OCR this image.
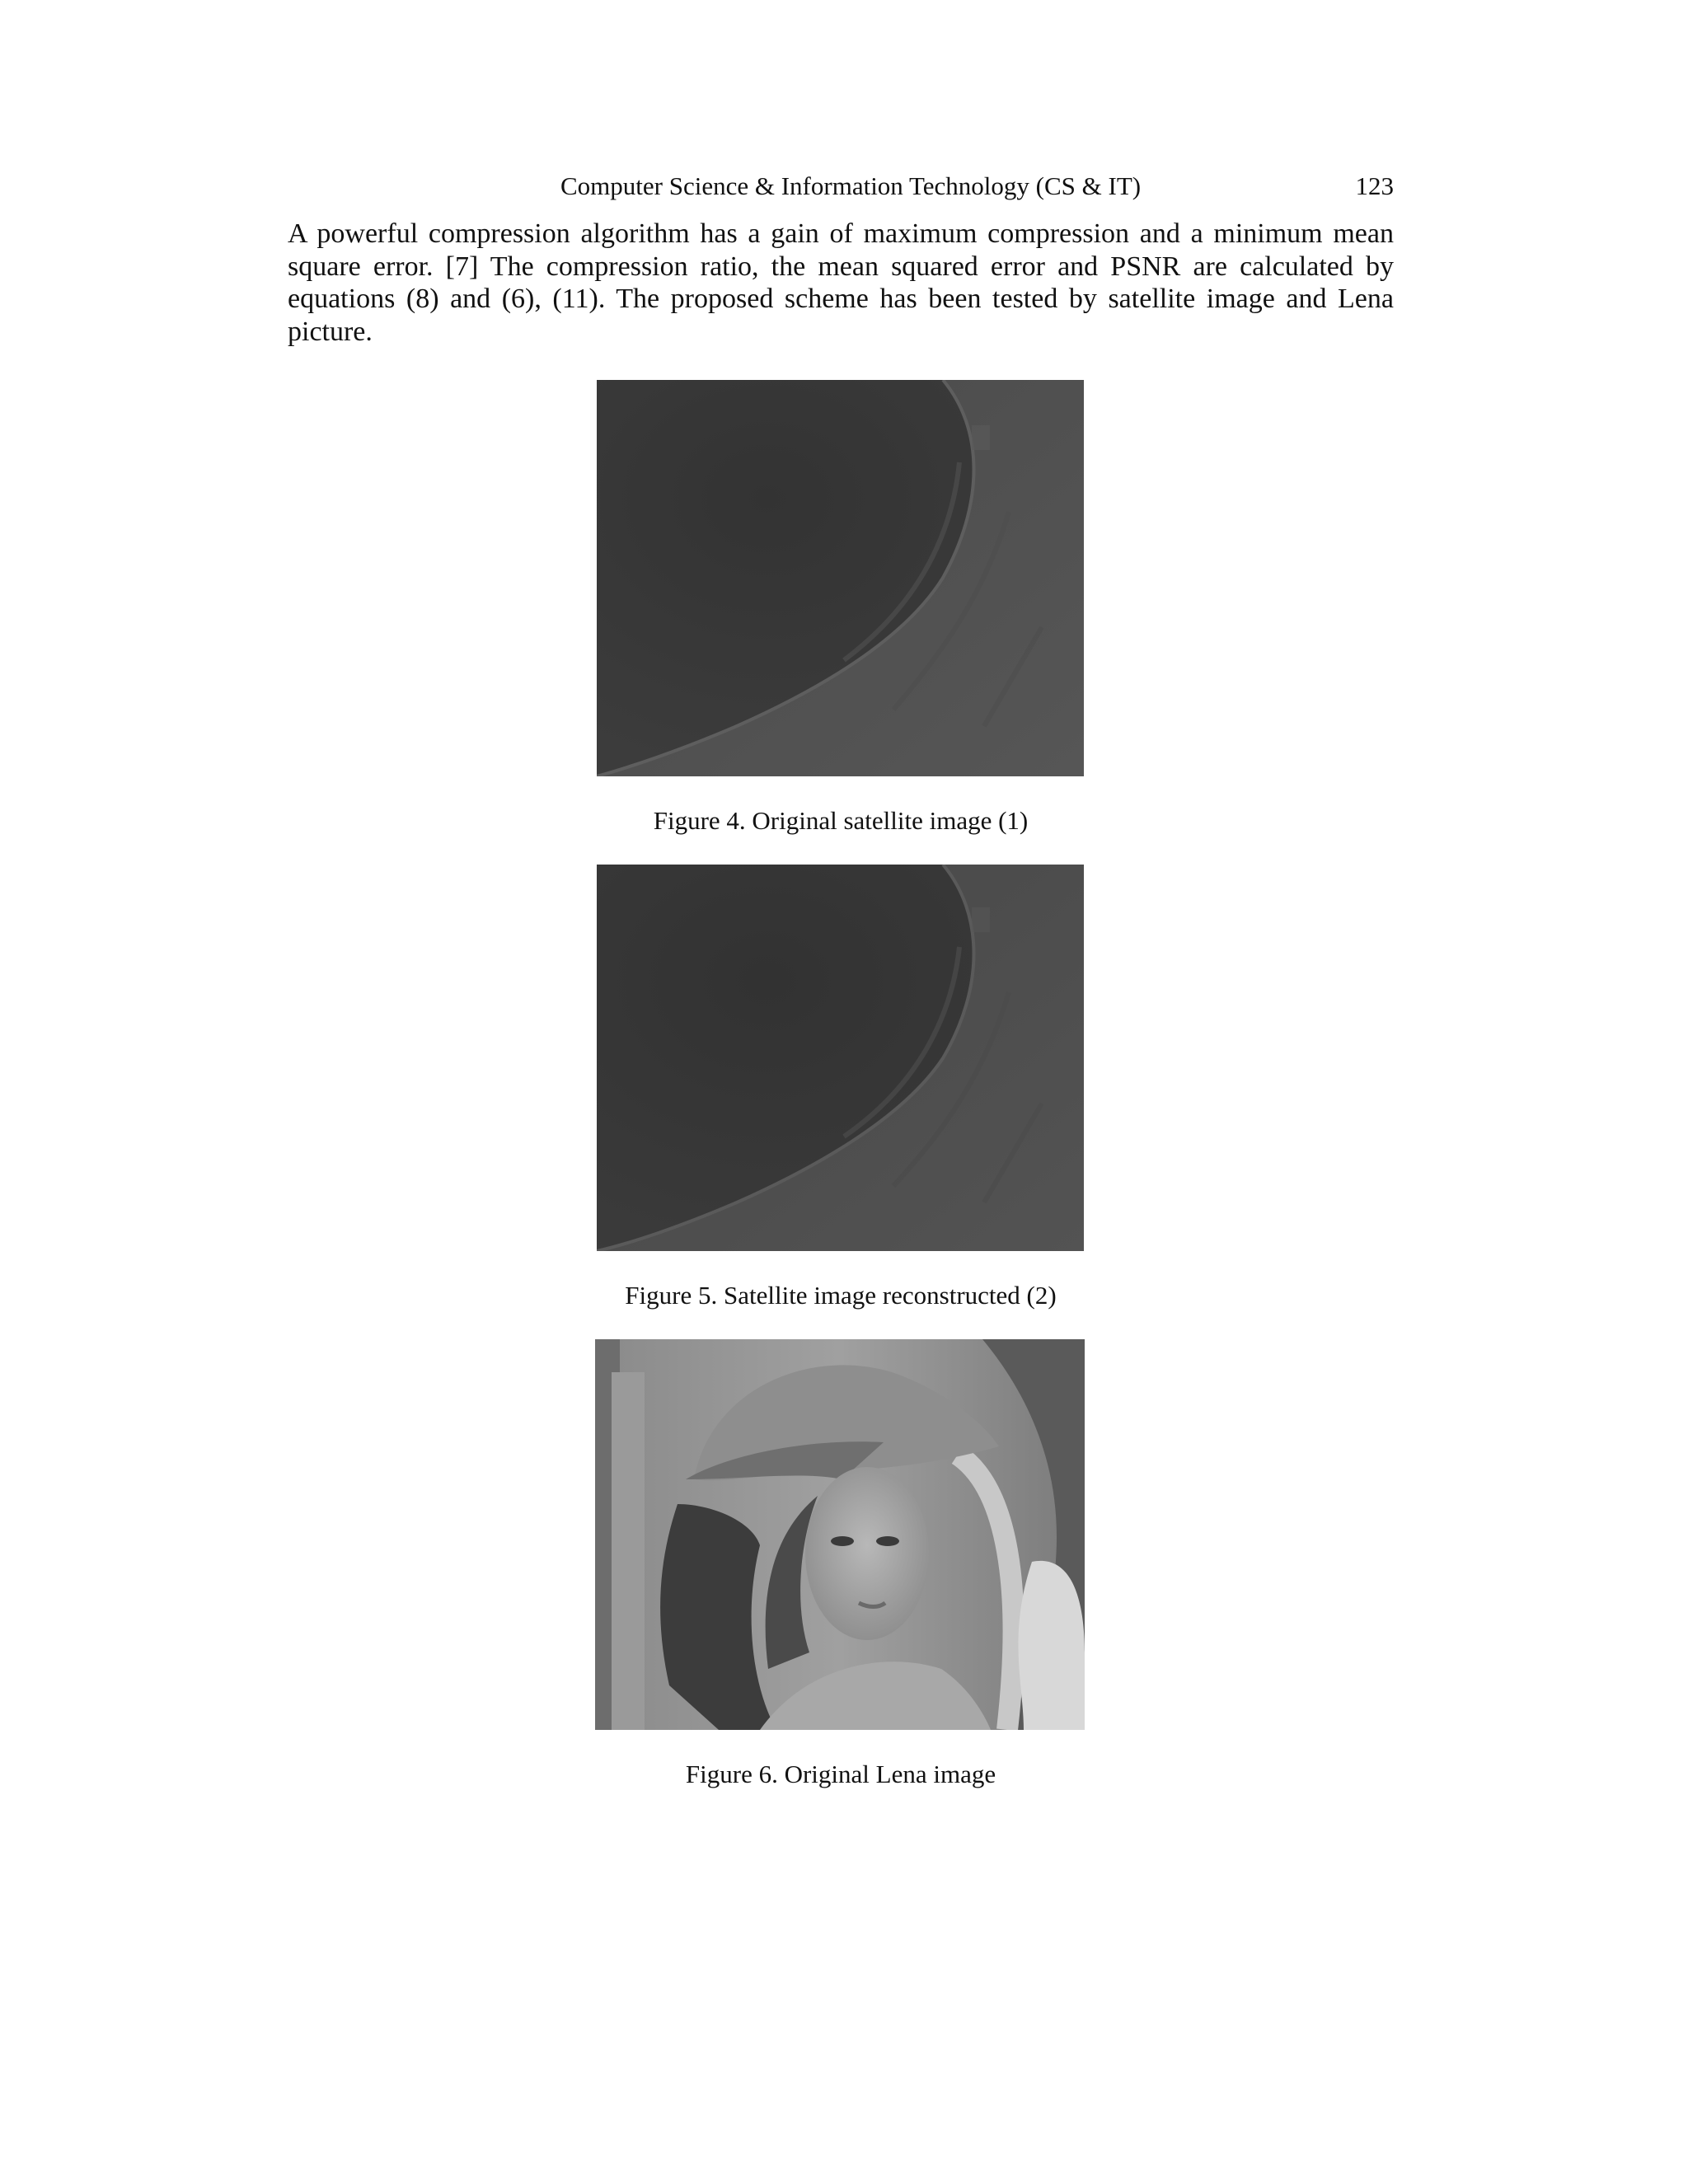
Computer Science & Information Technology (CS & IT)	123

A powerful compression algorithm has a gain of maximum compression and a minimum mean square error. [7] The compression ratio, the mean squared error and PSNR are calculated by equations (8) and (6), (11). The proposed scheme has been tested by satellite image and Lena picture.

Figure 4. Original satellite image (1)
Figure 5. Satellite image reconstructed (2)
Figure 6. Original Lena image
